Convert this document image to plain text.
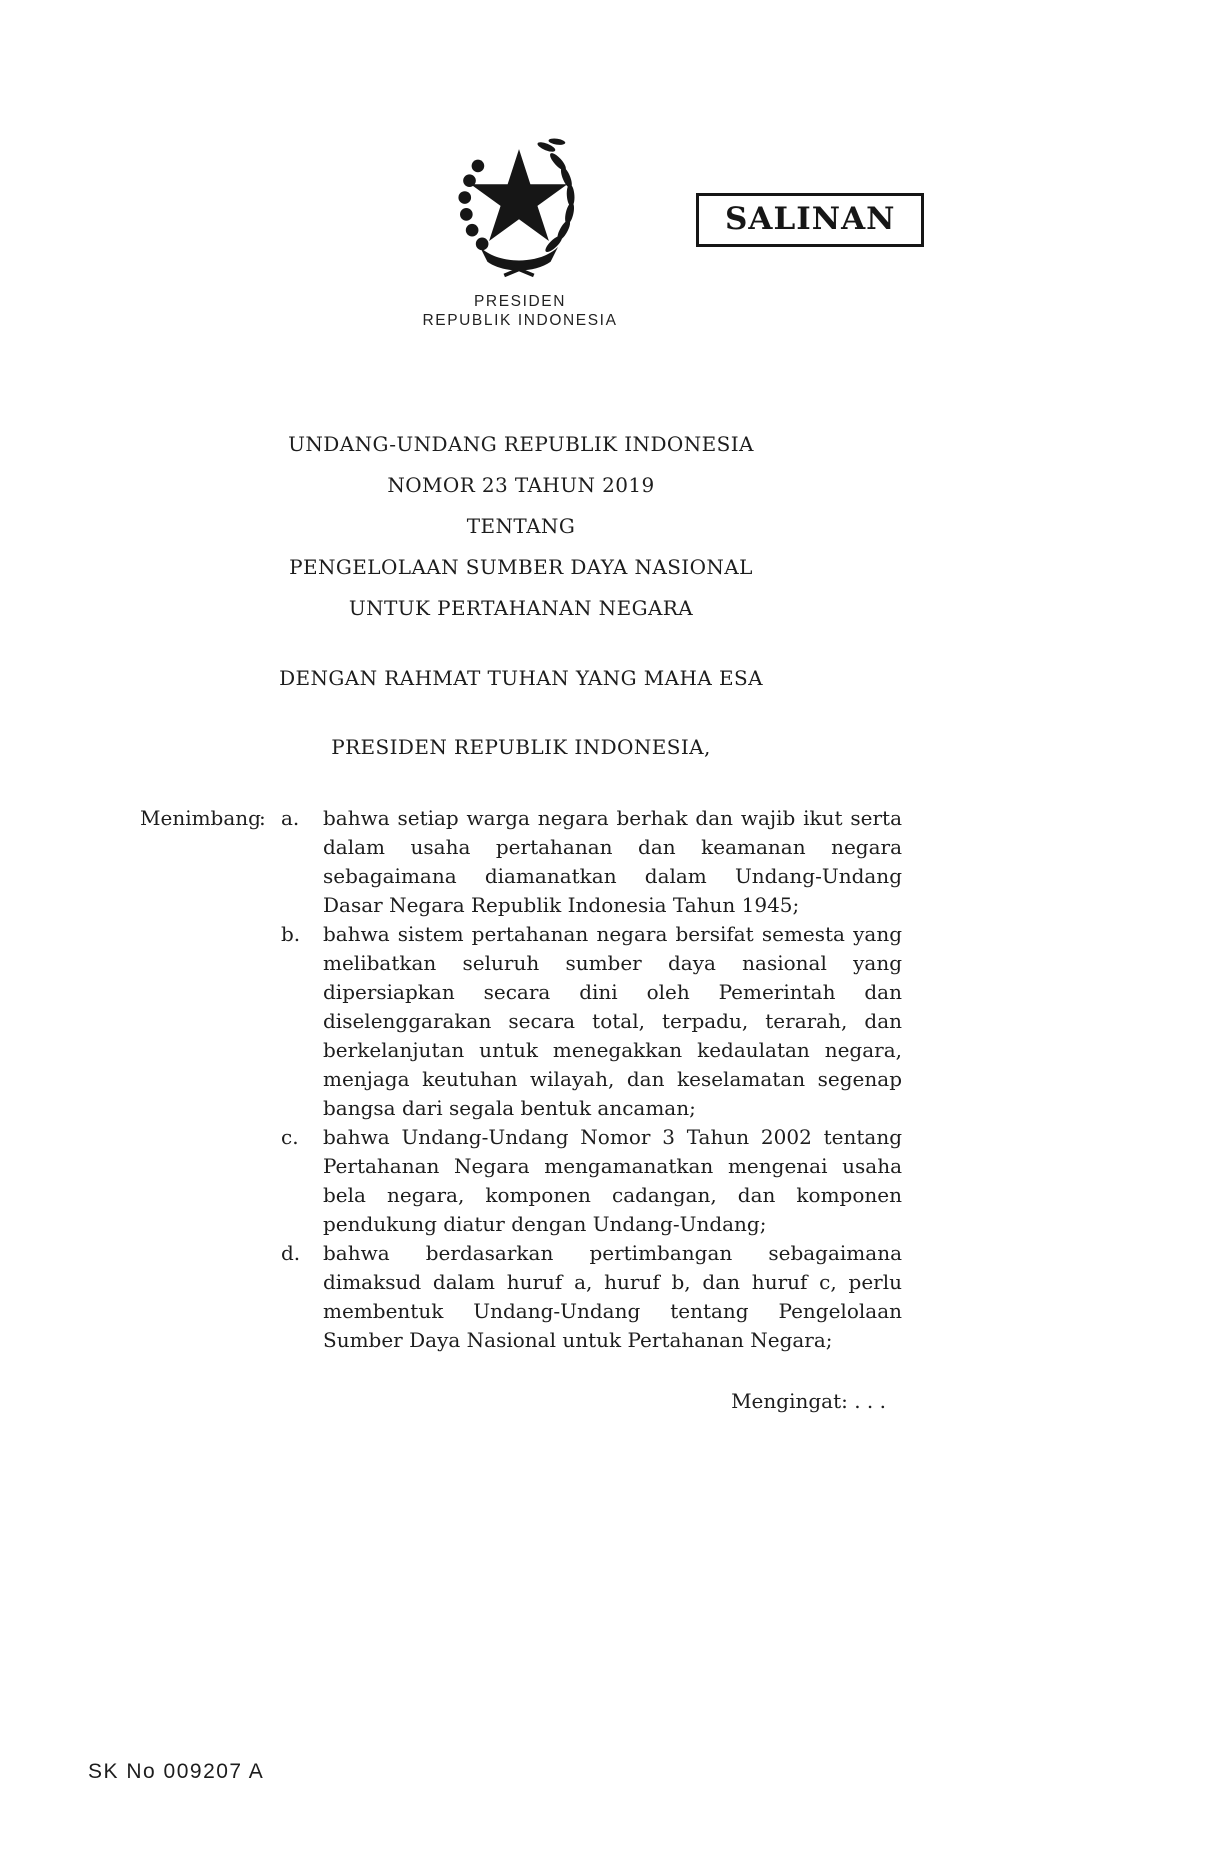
SALINAN
PRESIDEN
REPUBLIK INDONESIA
UNDANG-UNDANG REPUBLIK INDONESIA
NOMOR 23 TAHUN 2019
TENTANG
PENGELOLAAN SUMBER DAYA NASIONAL
UNTUK PERTAHANAN NEGARA
DENGAN RAHMAT TUHAN YANG MAHA ESA
PRESIDEN REPUBLIK INDONESIA,
Menimbang
: a.	bahwa setiap warga negara berhak dan wajib ikut serta dalam usaha pertahanan dan keamanan negara sebagaimana diamanatkan dalam Undang-Undang Dasar Negara Republik Indonesia Tahun 1945;
b.	bahwa sistem pertahanan negara bersifat semesta yang melibatkan seluruh sumber daya nasional yang dipersiapkan secara dini oleh Pemerintah dan diselenggarakan secara total, terpadu, terarah, dan berkelanjutan untuk menegakkan kedaulatan negara, menjaga keutuhan wilayah, dan keselamatan segenap bangsa dari segala bentuk ancaman;
c.	bahwa Undang-Undang Nomor 3 Tahun 2002 tentang Pertahanan Negara mengamanatkan mengenai usaha bela negara, komponen cadangan, dan komponen pendukung diatur dengan Undang-Undang;
d.	bahwa berdasarkan pertimbangan sebagaimana dimaksud dalam huruf a, huruf b, dan huruf c, perlu membentuk Undang-Undang tentang Pengelolaan Sumber Daya Nasional untuk Pertahanan Negara;
Mengingat: . . .
SK No 009207 A
